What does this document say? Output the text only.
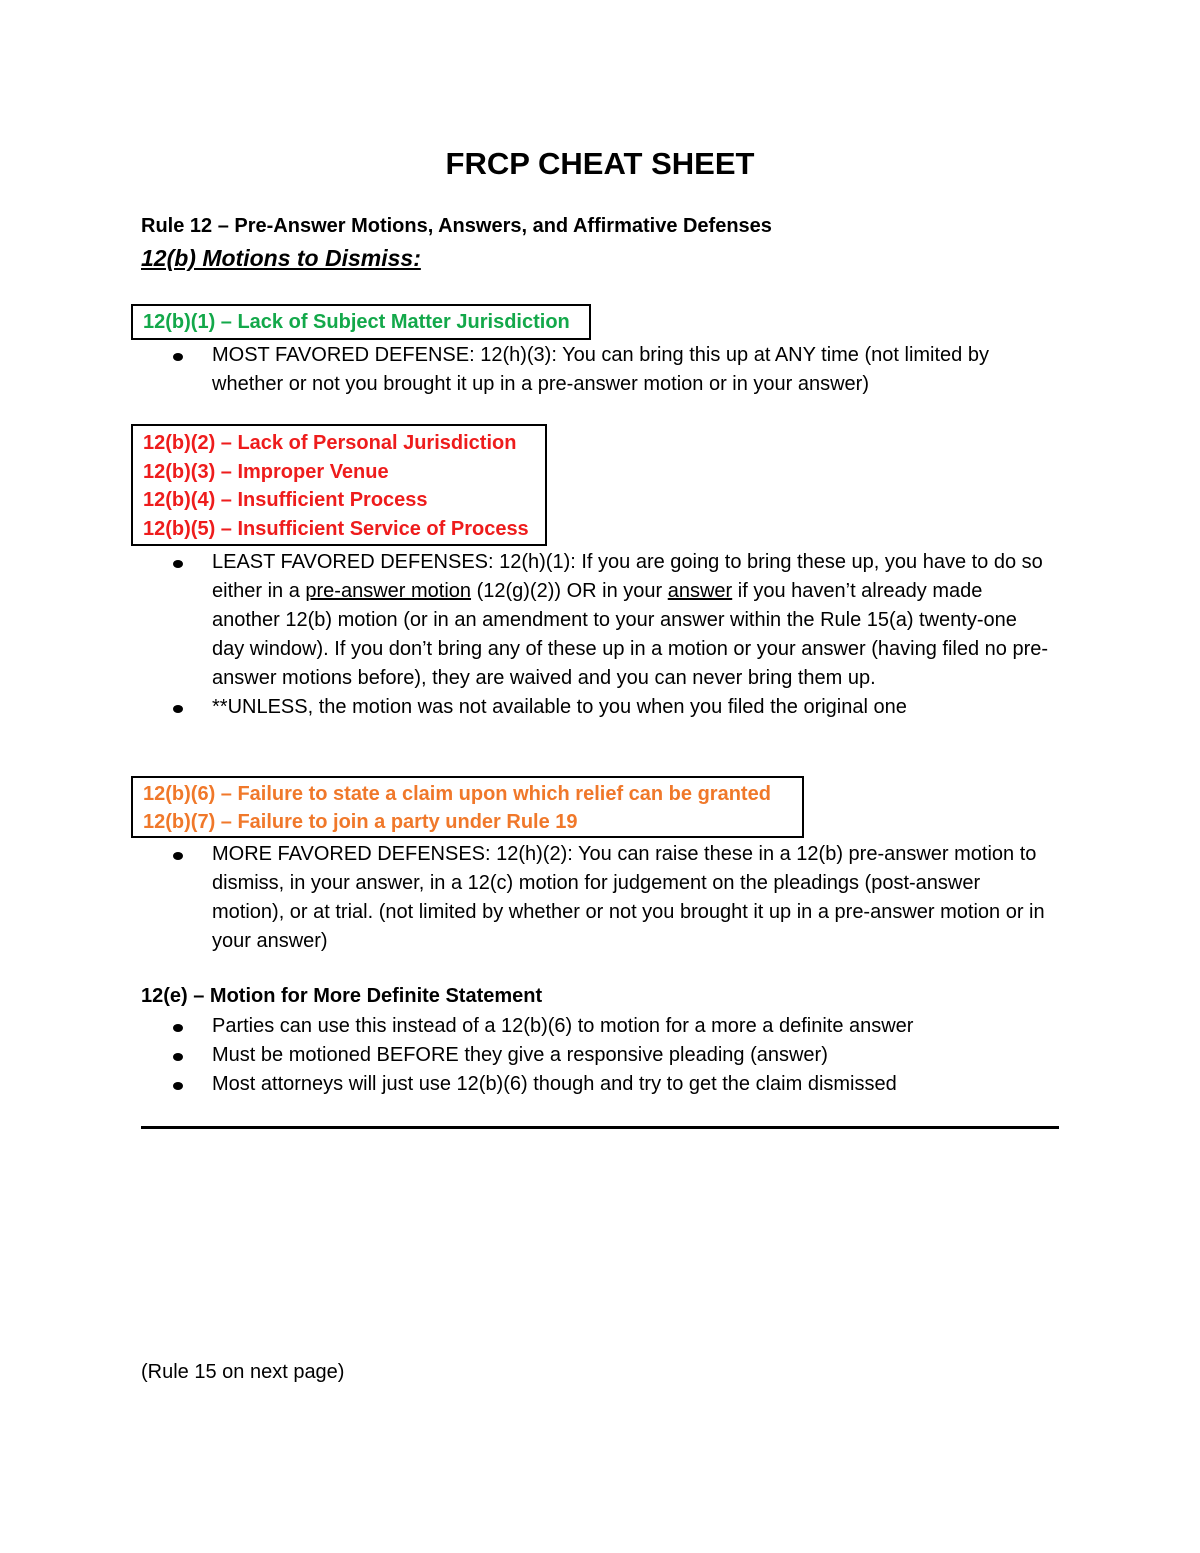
FRCP CHEAT SHEET
Rule 12 – Pre-Answer Motions, Answers, and Affirmative Defenses
12(b) Motions to Dismiss:
12(b)(1) – Lack of Subject Matter Jurisdiction
MOST FAVORED DEFENSE: 12(h)(3): You can bring this up at ANY time (not limited by whether or not you brought it up in a pre-answer motion or in your answer)
12(b)(2) – Lack of Personal Jurisdiction
12(b)(3) – Improper Venue
12(b)(4) – Insufficient Process
12(b)(5) – Insufficient Service of Process
LEAST FAVORED DEFENSES: 12(h)(1): If you are going to bring these up, you have to do so either in a pre-answer motion (12(g)(2)) OR in your answer if you haven’t already made another 12(b) motion (or in an amendment to your answer within the Rule 15(a) twenty-one day window). If you don’t bring any of these up in a motion or your answer (having filed no pre-answer motions before), they are waived and you can never bring them up.
**UNLESS, the motion was not available to you when you filed the original one
12(b)(6) – Failure to state a claim upon which relief can be granted
12(b)(7) – Failure to join a party under Rule 19
MORE FAVORED DEFENSES: 12(h)(2): You can raise these in a 12(b) pre-answer motion to dismiss, in your answer, in a 12(c) motion for judgement on the pleadings (post-answer motion), or at trial. (not limited by whether or not you brought it up in a pre-answer motion or in your answer)
12(e) – Motion for More Definite Statement
Parties can use this instead of a 12(b)(6) to motion for a more a definite answer
Must be motioned BEFORE they give a responsive pleading (answer)
Most attorneys will just use 12(b)(6) though and try to get the claim dismissed
(Rule 15 on next page)
